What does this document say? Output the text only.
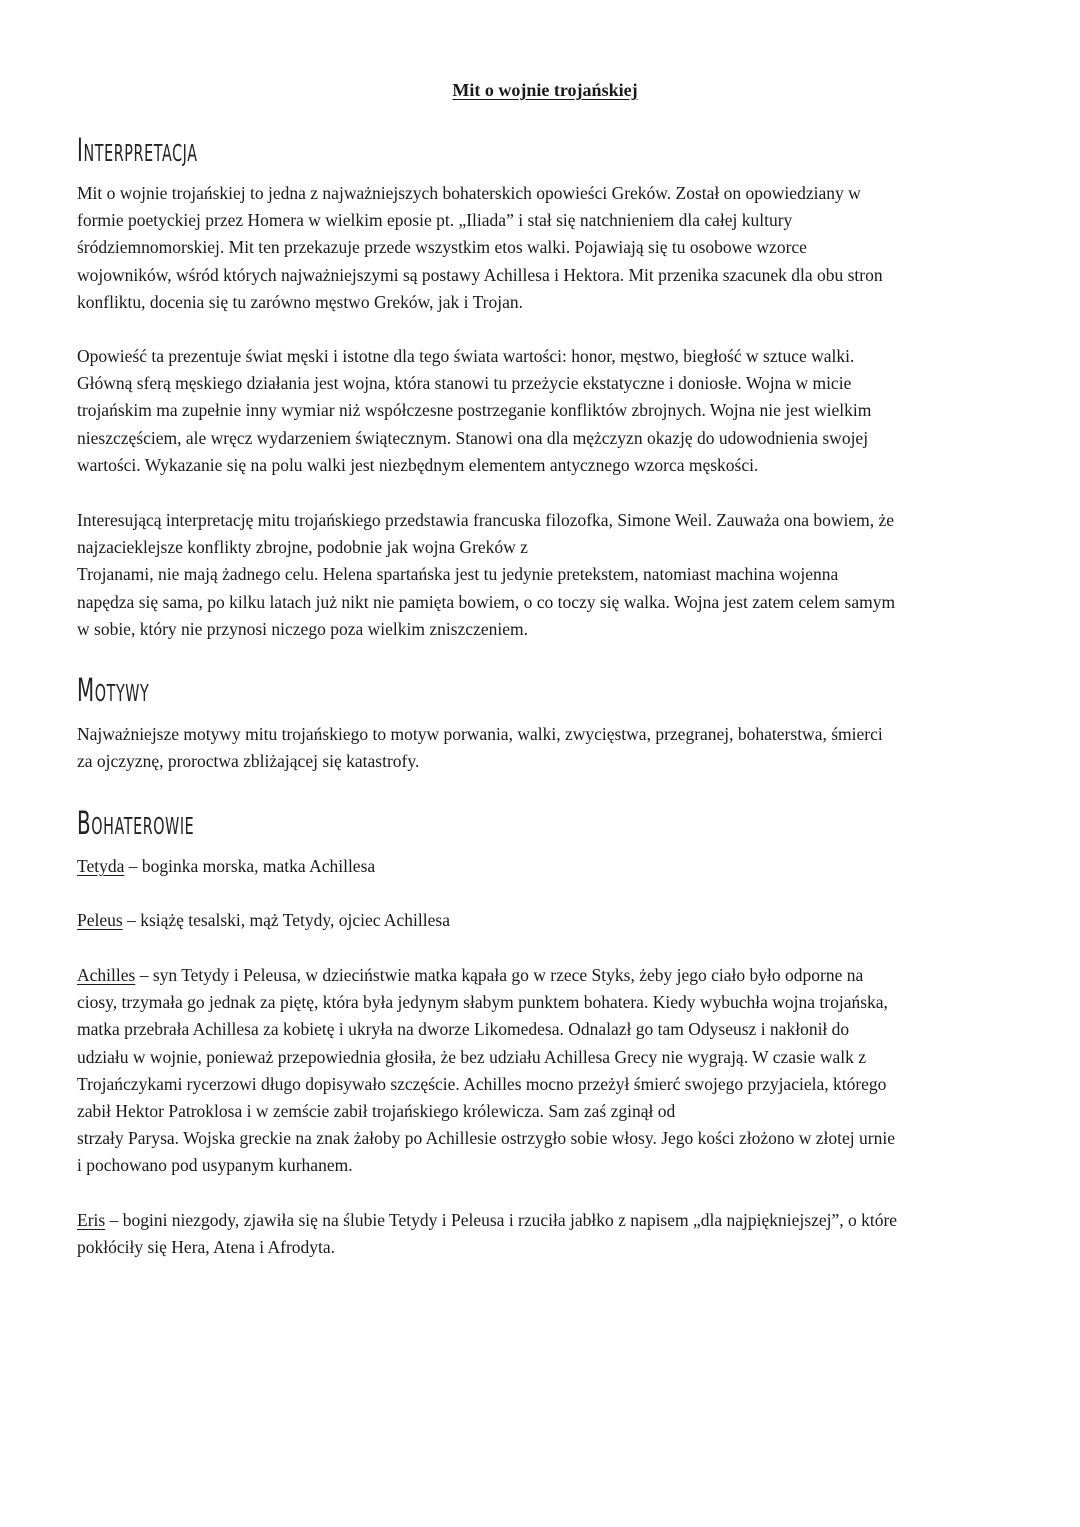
Mit o wojnie trojańskiej
INTERPRETACJA

Mit o wojnie trojańskiej to jedna z najważniejszych bohaterskich opowieści Greków. Został on opowiedziany w
formie poetyckiej przez Homera w wielkim eposie pt. „Iliada” i stał się natchnieniem dla całej kultury
śródziemnomorskiej. Mit ten przekazuje przede wszystkim etos walki. Pojawiają się tu osobowe wzorce
wojowników, wśród których najważniejszymi są postawy Achillesa i Hektora. Mit przenika szacunek dla obu stron
konfliktu, docenia się tu zarówno męstwo Greków, jak i Trojan.

Opowieść ta prezentuje świat męski i istotne dla tego świata wartości: honor, męstwo, biegłość w sztuce walki.
Główną sferą męskiego działania jest wojna, która stanowi tu przeżycie ekstatyczne i doniosłe. Wojna w micie
trojańskim ma zupełnie inny wymiar niż współczesne postrzeganie konfliktów zbrojnych. Wojna nie jest wielkim
nieszczęściem, ale wręcz wydarzeniem świątecznym. Stanowi ona dla mężczyzn okazję do udowodnienia swojej
wartości. Wykazanie się na polu walki jest niezbędnym elementem antycznego wzorca męskości.

Interesującą interpretację mitu trojańskiego przedstawia francuska filozofka, Simone Weil. Zauważa ona bowiem, że
najzacieklejsze konflikty zbrojne, podobnie jak wojna Greków z
Trojanami, nie mają żadnego celu. Helena spartańska jest tu jedynie pretekstem, natomiast machina wojenna
napędza się sama, po kilku latach już nikt nie pamięta bowiem, o co toczy się walka. Wojna jest zatem celem samym
w sobie, który nie przynosi niczego poza wielkim zniszczeniem.

MOTYWY

Najważniejsze motywy mitu trojańskiego to motyw porwania, walki, zwycięstwa, przegranej, bohaterstwa, śmierci
za ojczyznę, proroctwa zbliżającej się katastrofy.

BOHATEROWIE

Tetyda – boginka morska, matka Achillesa

Peleus – książę tesalski, mąż Tetydy, ojciec Achillesa

Achilles – syn Tetydy i Peleusa, w dzieciństwie matka kąpała go w rzece Styks, żeby jego ciało było odporne na
ciosy, trzymała go jednak za piętę, która była jedynym słabym punktem bohatera. Kiedy wybuchła wojna trojańska,
matka przebrała Achillesa za kobietę i ukryła na dworze Likomedesa. Odnalazł go tam Odyseusz i nakłonił do
udziału w wojnie, ponieważ przepowiednia głosiła, że bez udziału Achillesa Grecy nie wygrają. W czasie walk z
Trojańczykami rycerzowi długo dopisywało szczęście. Achilles mocno przeżył śmierć swojego przyjaciela, którego
zabił Hektor Patroklosa i w zemście zabił trojańskiego królewicza. Sam zaś zginął od
strzały Parysa. Wojska greckie na znak żałoby po Achillesie ostrzygło sobie włosy. Jego kości złożono w złotej urnie
i pochowano pod usypanym kurhanem.

Eris – bogini niezgody, zjawiła się na ślubie Tetydy i Peleusa i rzuciła jabłko z napisem „dla najpiękniejszej”, o które
pokłóciły się Hera, Atena i Afrodyta.
